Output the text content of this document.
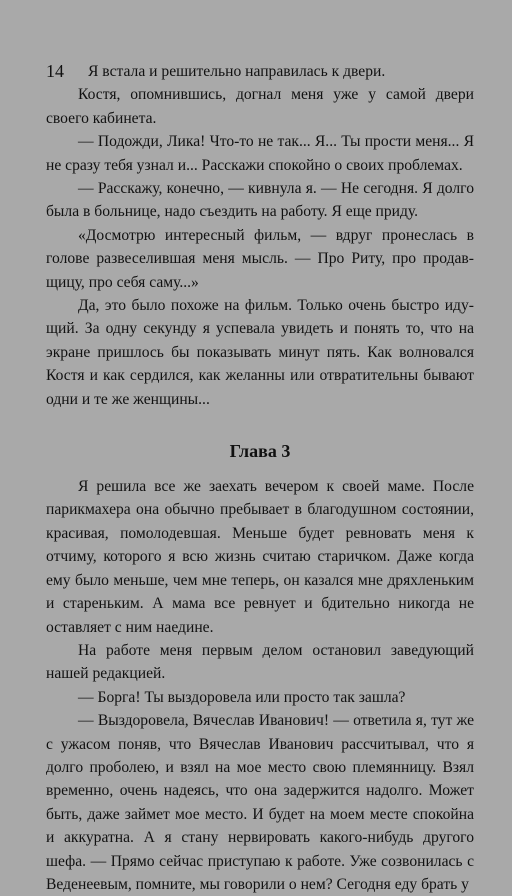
14 Я встала и решительно направилась к двери.

Костя, опомнившись, догнал меня уже у самой двери своего кабинета.

— Подожди, Лика! Что-то не так... Я... Ты прости меня... Я не сразу тебя узнал и... Расскажи спокойно о своих проблемах.

— Расскажу, конечно, — кивнула я. — Не сегодня. Я долго была в больнице, надо съездить на работу. Я еще приду.

«Досмотрю интересный фильм, — вдруг пронеслась в голове развеселившая меня мысль. — Про Риту, про продавщицу, про себя саму...»

Да, это было похоже на фильм. Только очень быстро идущий. За одну секунду я успевала увидеть и понять то, что на экране пришлось бы показывать минут пять. Как волновался Костя и как сердился, как желанны или отвратительны бывают одни и те же женщины...

Глава 3

Я решила все же заехать вечером к своей маме. После парикмахера она обычно пребывает в благодушном состоянии, красивая, помолодевшая. Меньше будет ревновать меня к отчиму, которого я всю жизнь считаю старичком. Даже когда ему было меньше, чем мне теперь, он казался мне дряхленьким и стареньким. А мама все ревнует и бдительно никогда не оставляет с ним наедине.

На работе меня первым делом остановил заведующий нашей редакцией.

— Борга! Ты выздоровела или просто так зашла?

— Выздоровела, Вячеслав Иванович! — ответила я, тут же с ужасом поняв, что Вячеслав Иванович рассчитывал, что я долго проболею, и взял на мое место свою племянницу. Взял временно, очень надеясь, что она задержится надолго. Может быть, даже займет мое место. И будет на моем месте спокойна и аккуратна. А я стану нервировать какого-нибудь другого шефа. — Прямо сейчас приступаю к работе. Уже созвонилась с Веденеевым, помните, мы говорили о нем? Сегодня еду брать у
